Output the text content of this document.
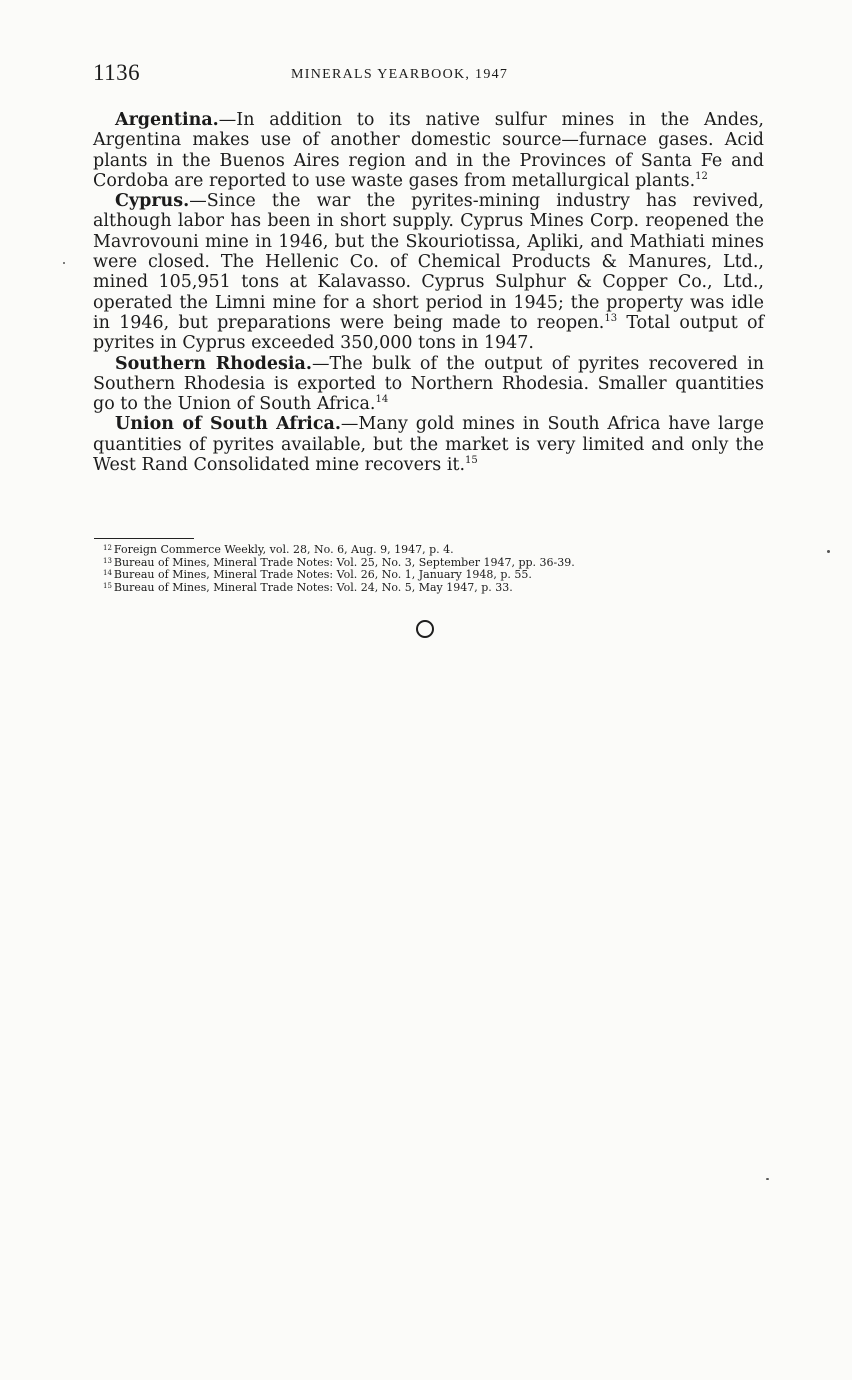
1136	MINERALS YEARBOOK, 1947

Argentina.—In addition to its native sulfur mines in the Andes, Argentina makes use of another domestic source—furnace gases. Acid plants in the Buenos Aires region and in the Provinces of Santa Fe and Cordoba are reported to use waste gases from metallurgical plants.$^{12}$

Cyprus.—Since the war the pyrites-mining industry has revived, although labor has been in short supply. Cyprus Mines Corp. reopened the Mavrovouni mine in 1946, but the Skouriotissa, Apliki, and Mathiati mines were closed. The Hellenic Co. of Chemical Products & Manures, Ltd., mined 105,951 tons at Kalavasso. Cyprus Sulphur & Copper Co., Ltd., operated the Limni mine for a short period in 1945; the property was idle in 1946, but preparations were being made to reopen.$^{13}$ Total output of pyrites in Cyprus exceeded 350,000 tons in 1947.

Southern Rhodesia.—The bulk of the output of pyrites recovered in Southern Rhodesia is exported to Northern Rhodesia. Smaller quantities go to the Union of South Africa.$^{14}$

Union of South Africa.—Many gold mines in South Africa have large quantities of pyrites available, but the market is very limited and only the West Rand Consolidated mine recovers it.$^{15}$

$^{12}$ Foreign Commerce Weekly, vol. 28, No. 6, Aug. 9, 1947, p. 4.
$^{13}$ Bureau of Mines, Mineral Trade Notes: Vol. 25, No. 3, September 1947, pp. 36-39.
$^{14}$ Bureau of Mines, Mineral Trade Notes: Vol. 26, No. 1, January 1948, p. 55.
$^{15}$ Bureau of Mines, Mineral Trade Notes: Vol. 24, No. 5, May 1947, p. 33.
